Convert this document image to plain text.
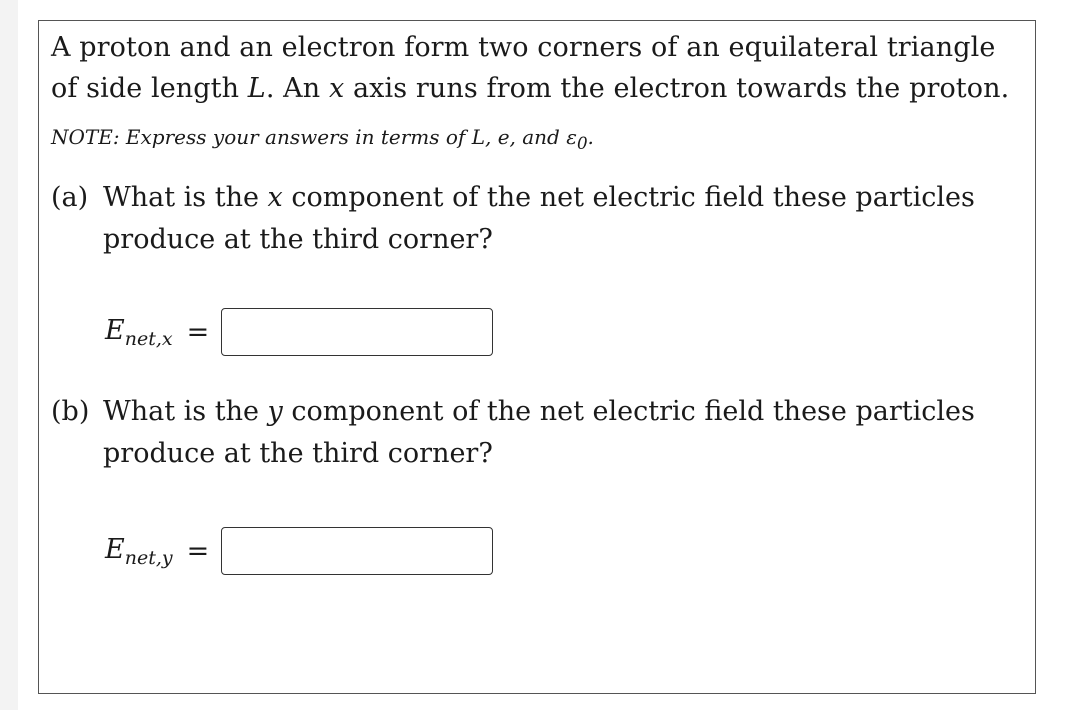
A proton and an electron form two corners of an equilateral triangle
of side length L. An x axis runs from the electron towards the proton.
NOTE: Express your answers in terms of L, e, and $\varepsilon_0$.
(a) What is the x component of the net electric field these particles
produce at the third corner?
$E_{net,x}$ =
(b) What is the y component of the net electric field these particles
produce at the third corner?
$E_{net,y}$ =
